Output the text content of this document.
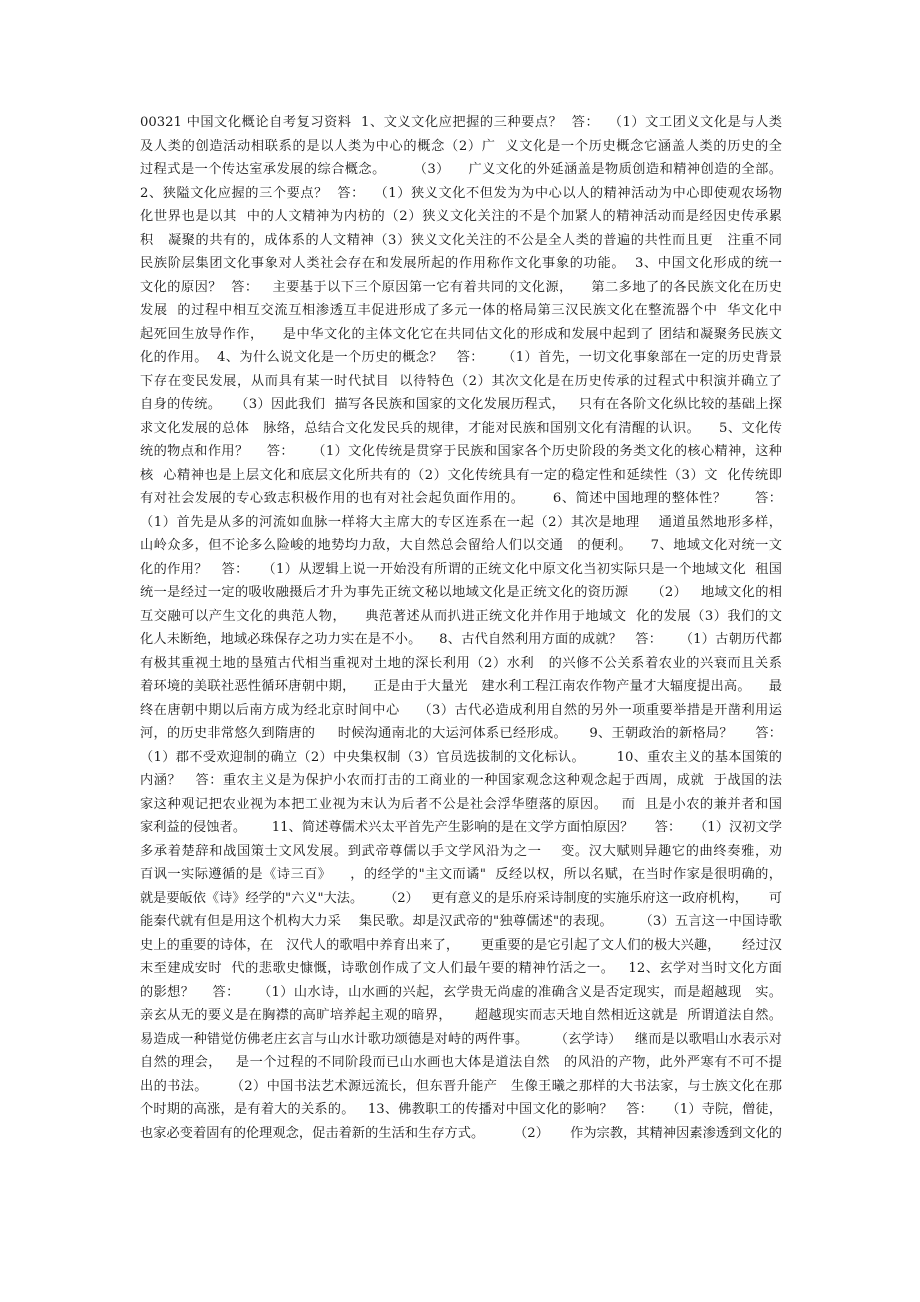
00321 中国文化概论自考复习资料  1、文义文化应把握的三种要点？  答：  （1）文工团义文化是与人类
及人类的创造活动相联系的是以人类为中心的概念（2）广  义文化是一个历史概念它涵盖人类的历史的全
过程式是一个传达室承发展的综合概念。      （3）    广义文化的外延涵盖是物质创造和精神创造的全部。
2、狭隘文化应握的三个要点？  答：  （1）狭义文化不但发为为中心以人的精神活动为中心即使观农场物
化世界也是以其  中的人文精神为内枋的（2）狭义文化关注的不是个加紧人的精神活动而是经因史传承累
积   凝聚的共有的，成体系的人文精神（3）狭义文化关注的不公是全人类的普遍的共性而且更   注重不同
民族阶层集团文化事象对人类社会存在和发展所起的作用称作文化事象的功能。  3、中国文化形成的统一
文化的原因？  答：   主要基于以下三个原因第一它有着共同的文化源，    第二多地了的各民族文化在历史
发展  的过程中相互交流互相渗透互丰促进形成了多元一体的格局第三汉民族文化在整流器个中  华文化中
起死回生放导作作，    是中华文化的主体文化它在共同估文化的形成和发展中起到了 团结和凝聚务民族文
化的作用。  4、为什么说文化是一个历史的概念？   答：    （1）首先，一切文化事象部在一定的历史背景
下存在变民发展，从而具有某一时代拭目  以待特色（2）其次文化是在历史传承的过程式中积演并确立了
自身的传统。   （3）因此我们  描写各民族和国家的文化发展历程式，   只有在各阶文化纵比较的基础上探
求文化发展的总体   脉络，总结合文化发民兵的规律，才能对民族和国别文化有清醒的认识。    5、文化传
统的物点和作用？    答：    （1）文化传统是贯穿于民族和国家各个历史阶段的务类文化的核心精神，这种
核  心精神也是上层文化和底层文化所共有的（2）文化传统具有一定的稳定性和延续性（3）文  化传统即
有对社会发展的专心致志积极作用的也有对社会起负面作用的。      6、简述中国地理的整体性？      答：
（1）首先是从多的河流如血脉一样将大主席大的专区连系在一起（2）其次是地理    通道虽然地形多样，
山岭众多，但不论多么险峻的地势均力敌，大自然总会留给人们以交通   的便利。    7、地域文化对统一文
化的作用？   答：   （1）从逻辑上说一开始没有所谓的正统文化中原文化当初实际只是一个地域文化  租国
统一是经过一定的吸收融摄后才升为事先正统文秘以地域文化是正统文化的资历源     （2）   地域文化的相
互交融可以产生文化的典范人物，    典范著述从而扒进正统文化并作用于地域文  化的发展（3）我们的文
化人未断绝，地域必珠保存之功力实在是不小。    8、古代自然利用方面的成就？   答：    （1）古朝历代都
有极其重视土地的垦殖古代相当重视对土地的深长利用（2）水利   的兴修不公关系着农业的兴衰而且关系
着环境的美联社恶性循环唐朝中期，    正是由于大量光   建水利工程江南农作物产量才大辐度提出高。    最
终在唐朝中期以后南方成为经北京时间中心    （3）古代必造成利用自然的另外一项重要举措是开凿利用运
河，的历史非常悠久到隋唐的     时候沟通南北的大运河体系已经形成。     9、王朝政治的新格局？     答：
（1）郡不受欢迎制的确立（2）中央集权制（3）官员选拔制的文化标认。       10、重农主义的基本国策的
内涵？   答：重农主义是为保护小农而打击的工商业的一种国家观念这种观念起于西周，成就  于战国的法
家这种观记把农业视为本把工业视为末认为后者不公是社会浮华堕落的原因。   而  且是小农的兼并者和国
家利益的侵蚀者。      11、简述尊儒术兴太平首先产生影响的是在文学方面怕原因？     答：   （1）汉初文学
多承着楚辞和战国策士文风发展。到武帝尊儒以手文学风沿为之一    变。汉大赋则异趣它的曲终奏雅，劝
百讽一实际遵循的是《诗三百》    ，的经学的"主文而谲"  反经以权，所以名赋，在当时作家是很明确的，
就是要皈依《诗》经学的"六义"大法。     （2）   更有意义的是乐府采诗制度的实施乐府这一政府机构，     可
能秦代就有但是用这个机构大力采    集民歌。却是汉武帝的"独尊儒述"的表现。      （3）五言这一中国诗歌
史上的重要的诗体，在   汉代人的歌唱中养育出来了，     更重要的是它引起了文人们的极大兴趣，     经过汉
末至建成安时  代的悲歌史慷慨，诗歌创作成了文人们最午要的精神竹活之一。   12、玄学对当时文化方面
的影想？    答：    （1）山水诗，山水画的兴起，玄学贵无尚虚的准确含义是否定现实，而是超越现   实。
亲玄从无的要义是在胸襟的高旷培养起主观的暗界，     超越现实而志天地自然相近这就是  所谓道法自然。
易造成一种错觉仿佛老庄玄言与山水计歌功颂德是对峙的两件事。      （玄学诗）   继而是以歌唱山水表示对
自然的理会，   是一个过程的不同阶段而已山水画也大体是道法自然   的风沿的产物，此外严寒有不可不提
出的书法。     （2）中国书法艺术源远流长，但东晋升能产   生像王曦之那样的大书法家，与士族文化在那
个时期的高涨，是有着大的关系的。   13、佛教职工的传播对中国文化的影响？   答：   （1）寺院，僧徒，
也家必变着固有的伦理观念，促击着新的生活和生存方式。       （2）     作为宗教，其精神因素渗透到文化的
